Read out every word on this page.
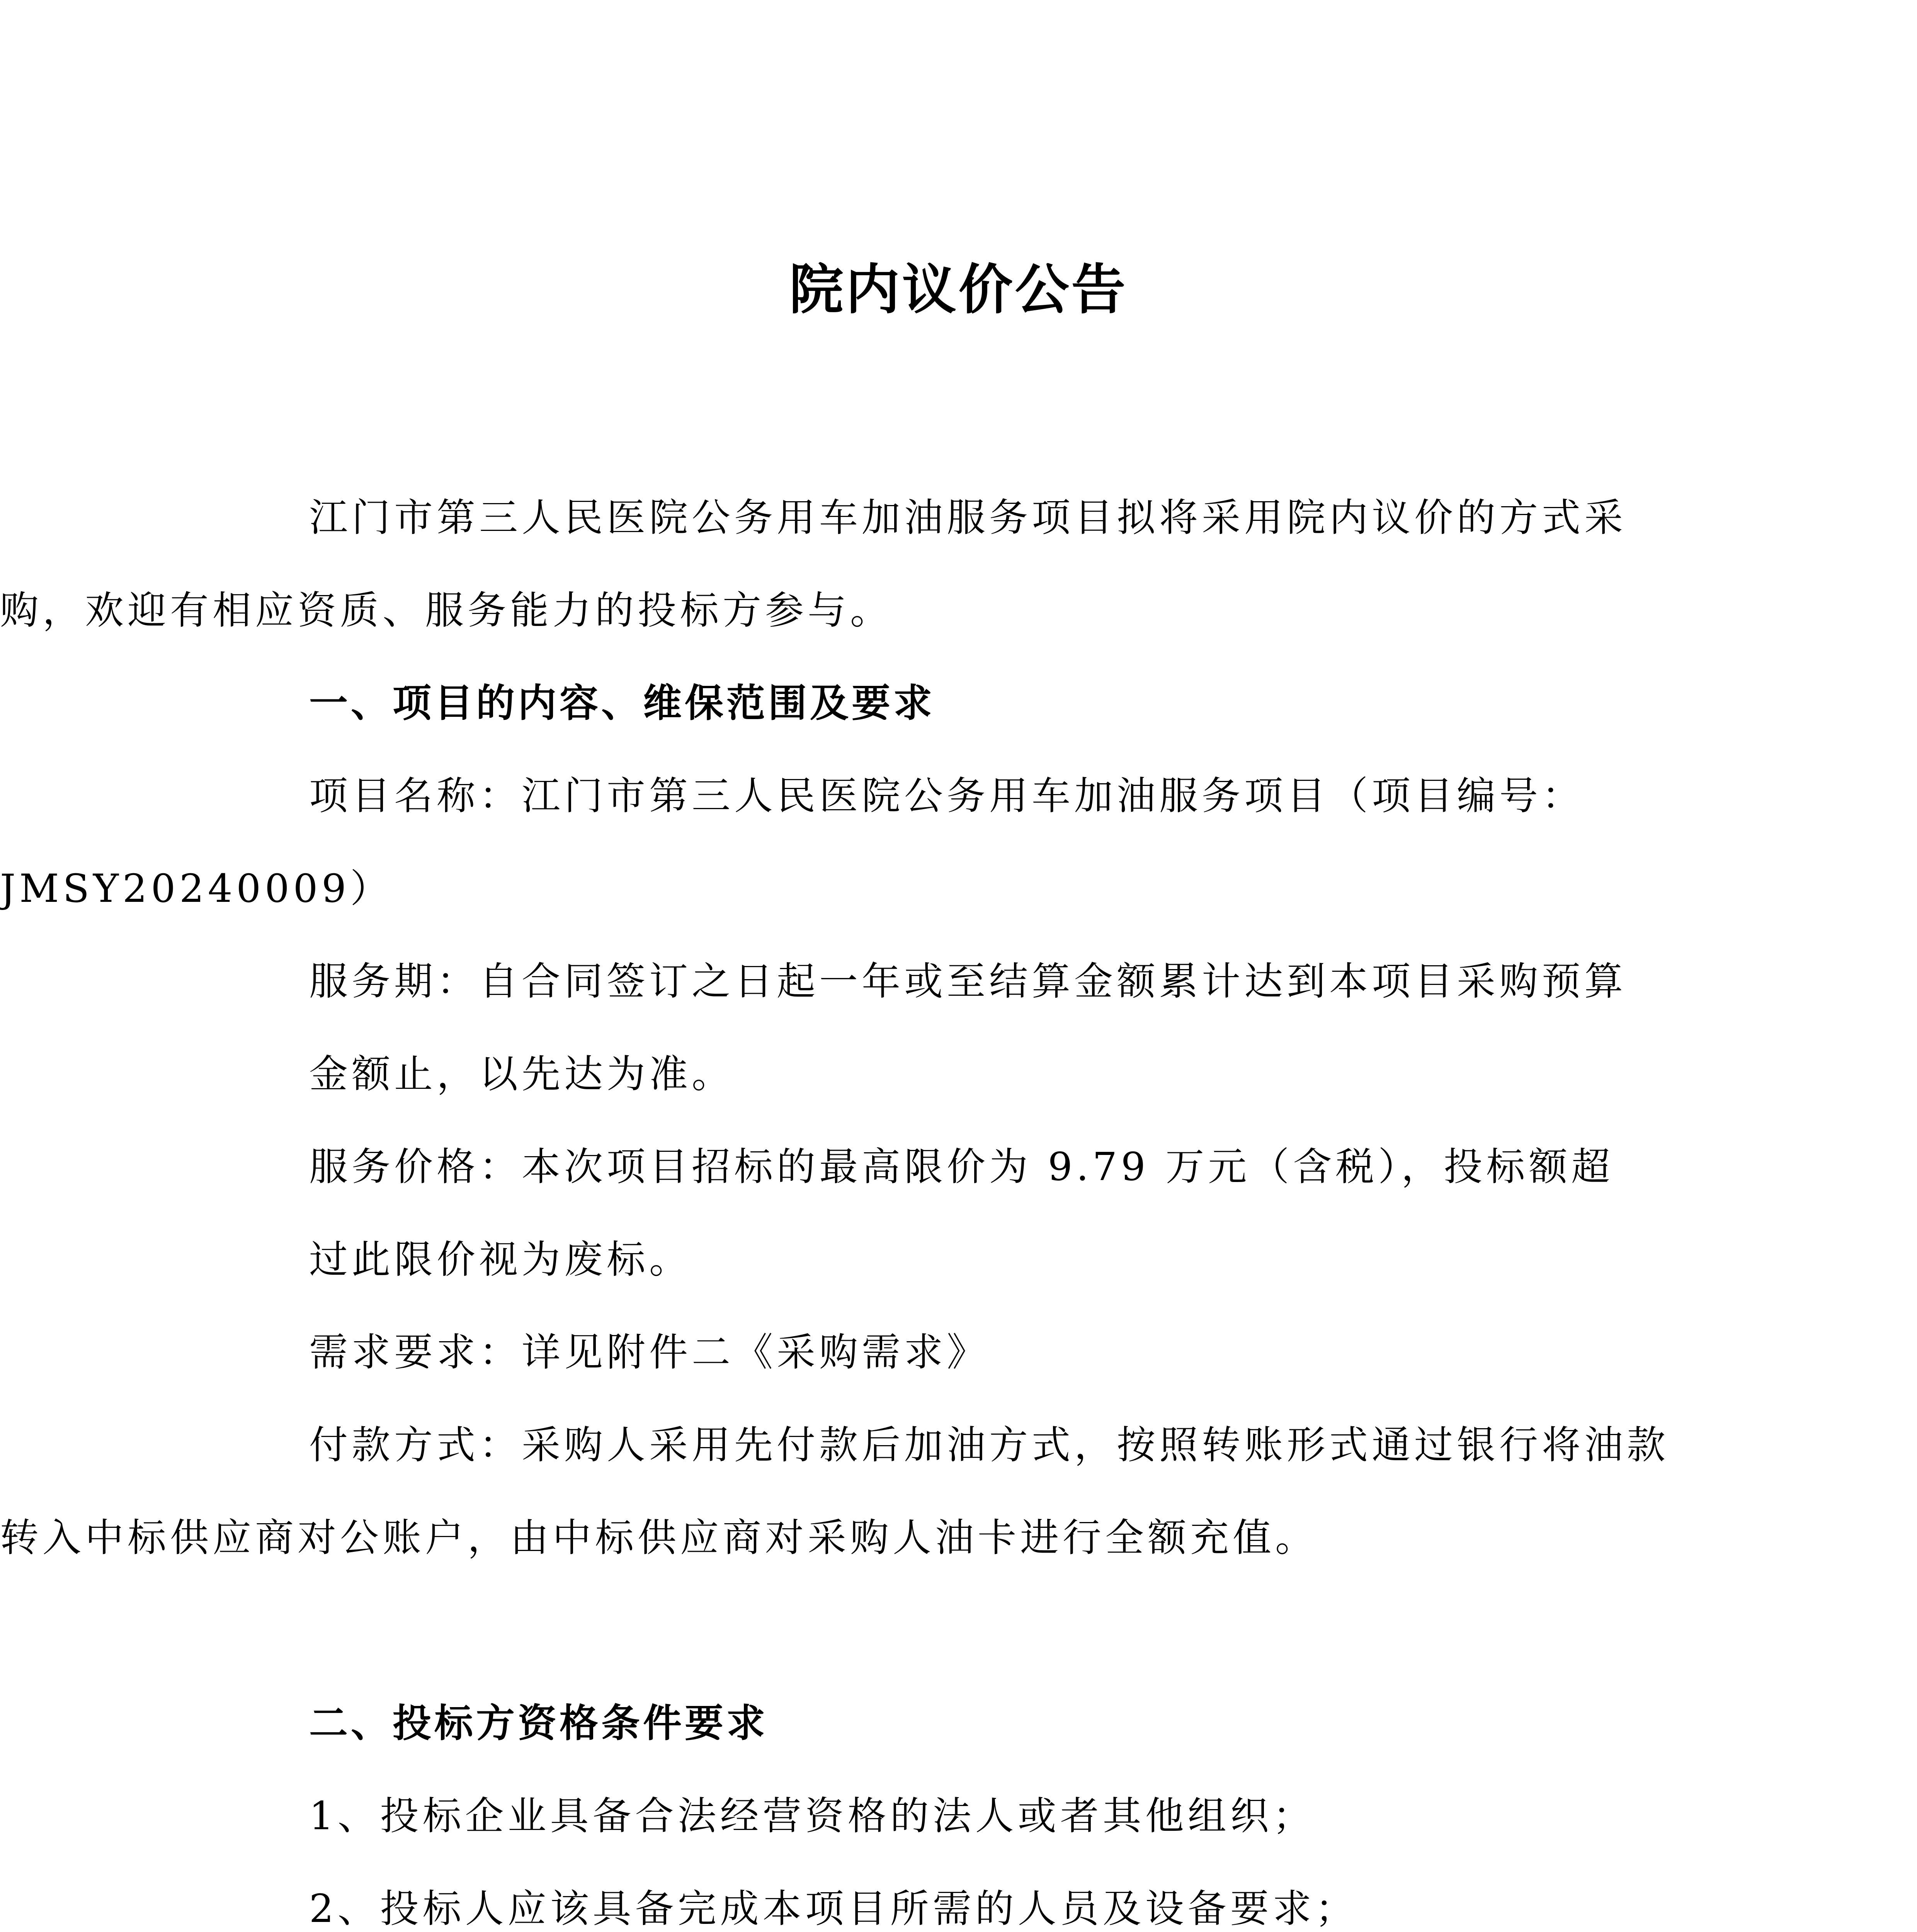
院内议价公告

江门市第三人民医院公务用车加油服务项目拟将采用院内议价的方式采购，欢迎有相应资质、服务能力的投标方参与。

一、项目的内容、维保范围及要求

项目名称：江门市第三人民医院公务用车加油服务项目（项目编号：JMSY20240009）

服务期：自合同签订之日起一年或至结算金额累计达到本项目采购预算

金额止，以先达为准。

服务价格：本次项目招标的最高限价为 9.79 万元（含税），投标额超

过此限价视为废标。

需求要求：详见附件二《采购需求》

付款方式：采购人采用先付款后加油方式，按照转账形式通过银行将油款转入中标供应商对公账户，由中标供应商对采购人油卡进行全额充值。

二、投标方资格条件要求

1、投标企业具备合法经营资格的法人或者其他组织；

2、投标人应该具备完成本项目所需的人员及设备要求；
